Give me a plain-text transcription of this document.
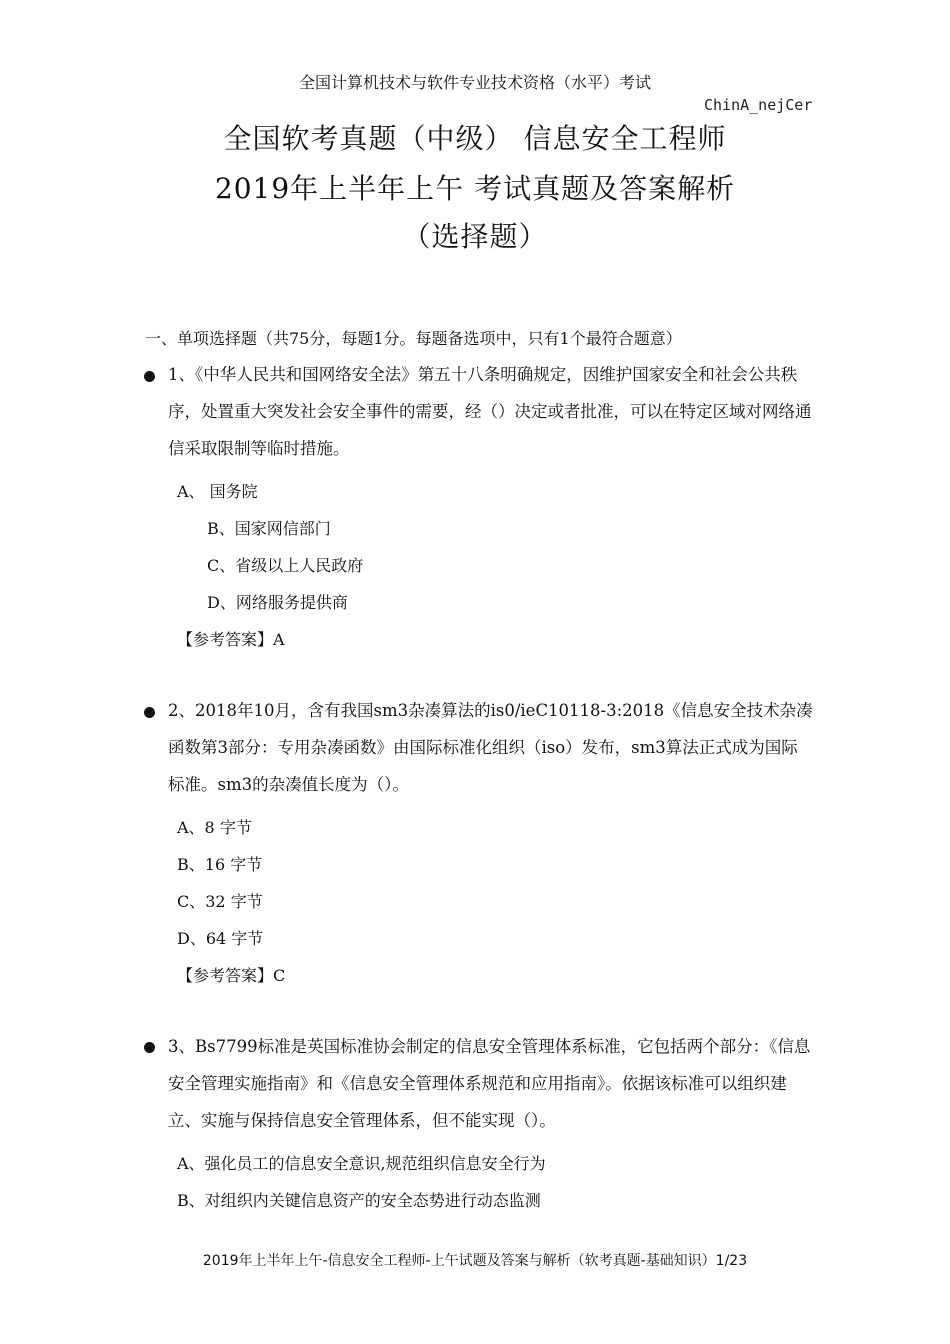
全国计算机技术与软件专业技术资格（水平）考试
ChinA_nejCer
全国软考真题（中级） 信息安全工程师
2019年上半年上午 考试真题及答案解析
（选择题）
一、单项选择题（共75分，每题1分。每题备选项中，只有1个最符合题意）
1、《中华人民共和国网络安全法》第五十八条明确规定，因维护国家安全和社会公共秩序，处置重大突发社会安全事件的需要，经（）决定或者批准，可以在特定区域对网络通信采取限制等临时措施。
A、 国务院
B、国家网信部门
C、省级以上人民政府
D、网络服务提供商
【参考答案】A
2、2018年10月，含有我国sm3杂凑算法的is0/ieC10118-3:2018《信息安全技术杂凑函数第3部分：专用杂凑函数》由国际标准化组织（iso）发布，sm3算法正式成为国际标准。sm3的杂凑值长度为（）。
A、8 字节
B、16 字节
C、32 字节
D、64 字节
【参考答案】C
3、Bs7799标准是英国标准协会制定的信息安全管理体系标准，它包括两个部分：《信息安全管理实施指南》和《信息安全管理体系规范和应用指南》。依据该标准可以组织建立、实施与保持信息安全管理体系，但不能实现（）。
A、强化员工的信息安全意识,规范组织信息安全行为
B、对组织内关键信息资产的安全态势进行动态监测
2019年上半年上午-信息安全工程师-上午试题及答案与解析（软考真题-基础知识）1/23
